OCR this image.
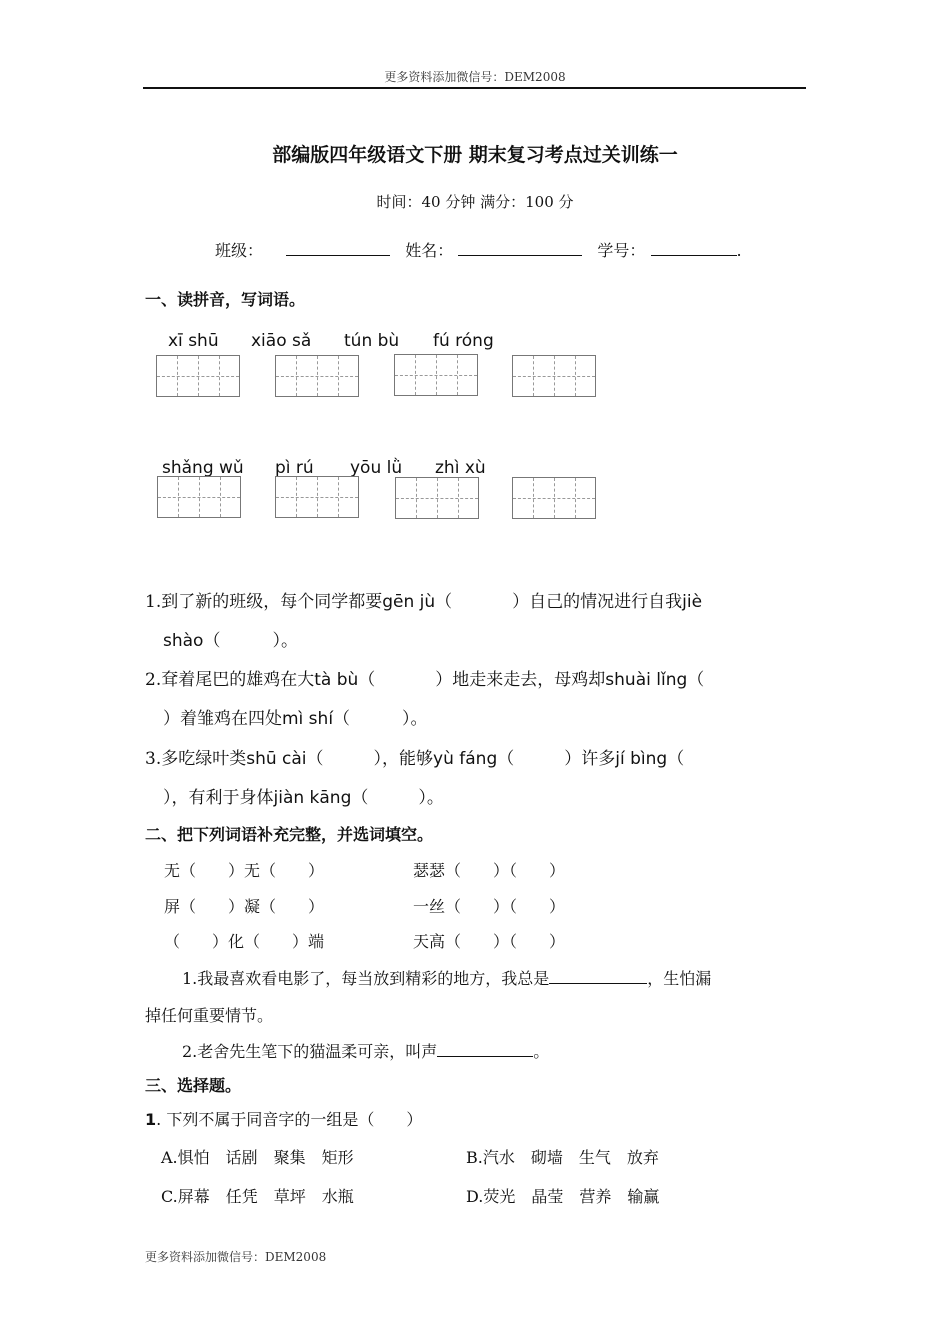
更多资料添加微信号：DEM2008
部编版四年级语文下册 期末复习考点过关训练一
时间：40 分钟 满分：100 分
班级：	姓名：	学号：	.
一、读拼音，写词语。
xī shū xiāo sǎ tún bù fú róng
shǎng wǔ pì rú yōu lǜ zhì xù
1.到了新的班级，每个同学都要gēn jù（	）自己的情况进行自我jiè
shào（	）。
2.耷着尾巴的雄鸡在大tà bù（	）地走来走去，母鸡却shuài lǐng（
）着雏鸡在四处mì shí（	）。
3.多吃绿叶类shū cài（	），能够yù fáng（	）许多jí bìng（
），有利于身体jiàn kāng（	）。
二、把下列词语补充完整，并选词填空。
无（　　）无（　　）	瑟瑟（　　）（　　）
屏（　　）凝（　　）	一丝（　　）（　　）
（　　）化（　　）端	天高（　　）（　　）
1.我最喜欢看电影了，每当放到精彩的地方，我总是	，生怕漏
掉任何重要情节。
2.老舍先生笔下的猫温柔可亲，叫声	。
三、选择题。
1. 下列不属于同音字的一组是（　　）
A.惧怕　话剧　聚集　矩形	B.汽水　砌墙　生气　放弃
C.屏幕　任凭　草坪　水瓶	D.荧光　晶莹　营养　输赢
更多资料添加微信号：DEM2008
